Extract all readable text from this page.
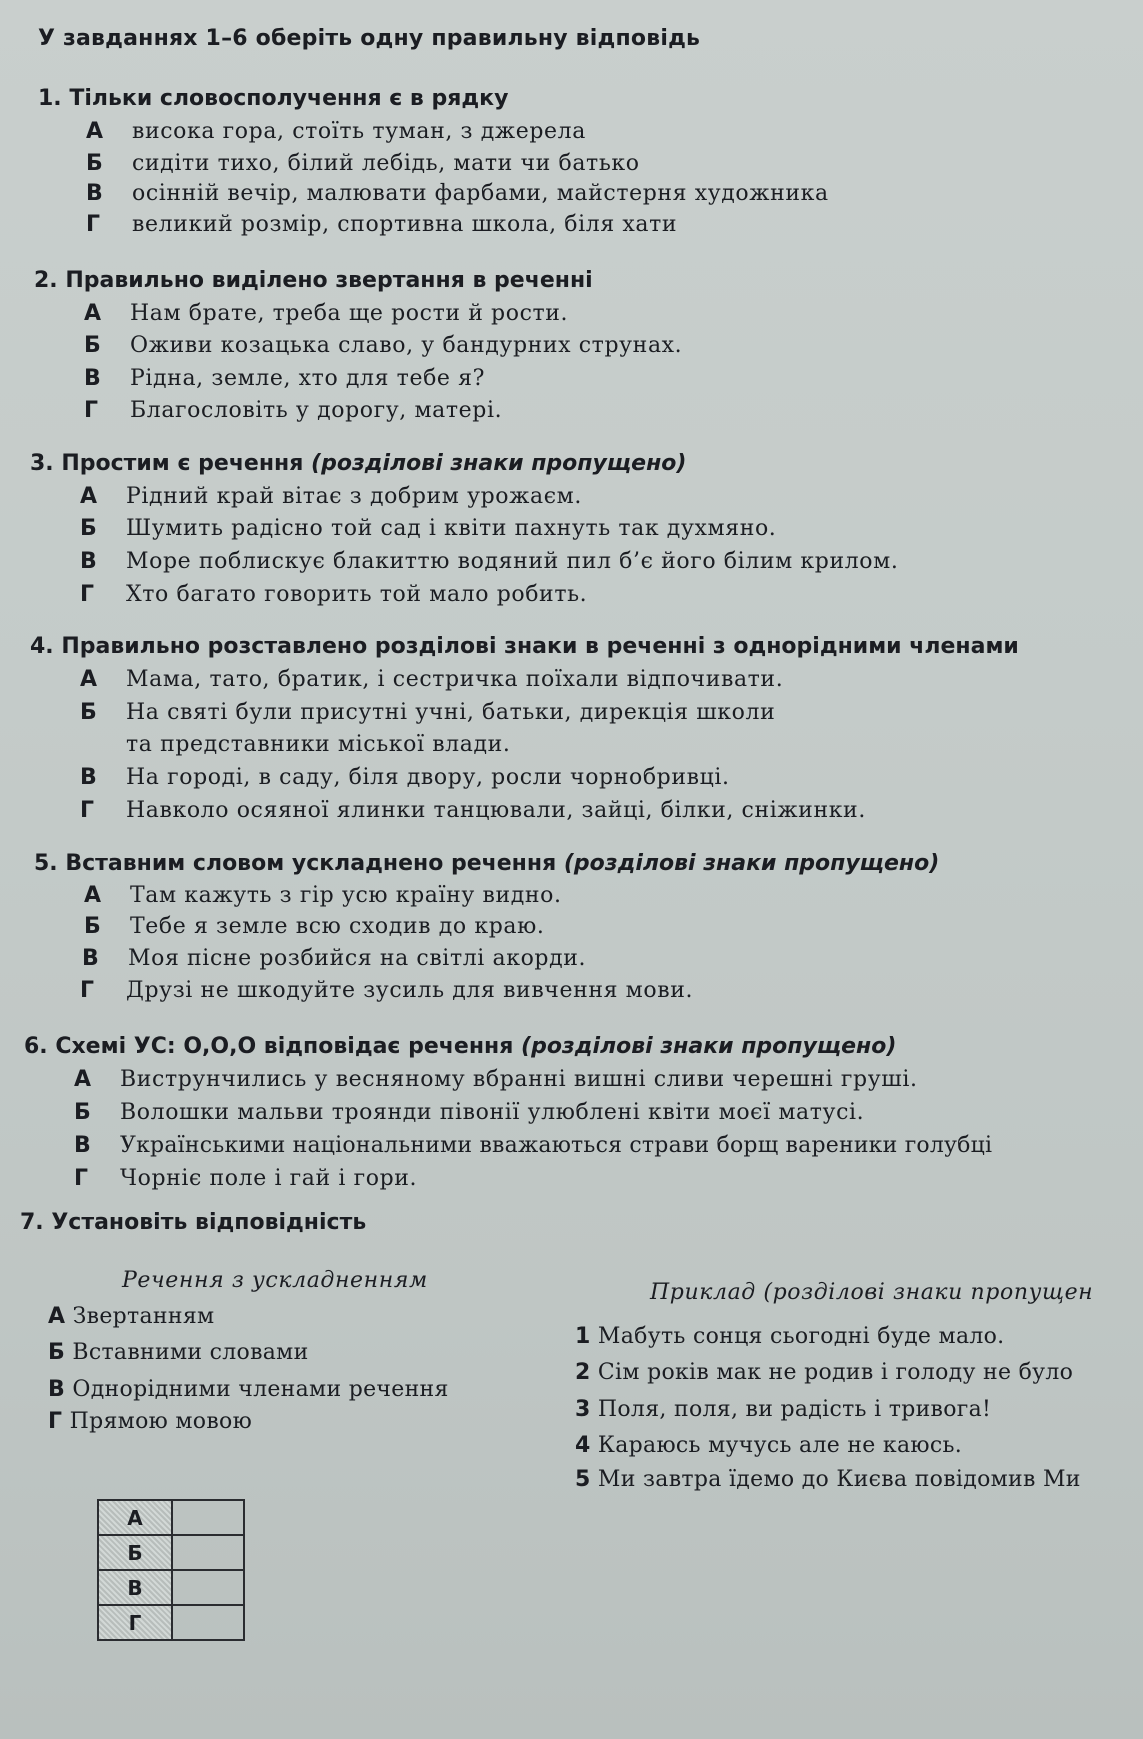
У завданнях 1–6 оберіть одну правильну відповідь
1. Тільки словосполучення є в рядку
А висока гора, стоїть туман, з джерела
Б сидіти тихо, білий лебідь, мати чи батько
В осінній вечір, малювати фарбами, майстерня художника
Г великий розмір, спортивна школа, біля хати
2. Правильно виділено звертання в реченні
А Нам брате, треба ще рости й рости.
Б Оживи козацька славо, у бандурних струнах.
В Рідна, земле, хто для тебе я?
Г Благословіть у дорогу, матері.
3. Простим є речення (розділові знаки пропущено)
А Рідний край вітає з добрим урожаєм.
Б Шумить радісно той сад і квіти пахнуть так духмяно.
В Море поблискує блакиттю водяний пил б’є його білим крилом.
Г Хто багато говорить той мало робить.
4. Правильно розставлено розділові знаки в реченні з однорідними членами
А Мама, тато, братик, і сестричка поїхали відпочивати.
Б На святі були присутні учні, батьки, дирекція школи
та представники міської влади.
В На городі, в саду, біля двору, росли чорнобривці.
Г Навколо осяяної ялинки танцювали, зайці, білки, сніжинки.
5. Вставним словом ускладнено речення (розділові знаки пропущено)
А Там кажуть з гір усю країну видно.
Б Тебе я земле всю сходив до краю.
В Моя пісне розбийся на світлі акорди.
Г Друзі не шкодуйте зусиль для вивчення мови.
6. Схемі УС: О,О,О відповідає речення (розділові знаки пропущено)
А Виструнчились у весняному вбранні вишні сливи черешні груші.
Б Волошки мальви троянди півонії улюблені квіти моєї матусі.
В Українськими національними вважаються страви борщ вареники голубці
Г Чорніє поле і гай і гори.
7. Установіть відповідність
Речення з ускладненням	Приклад (розділові знаки пропущен
А Звертанням
Б Вставними словами
В Однорідними членами речення
Г Прямою мовою
1 Мабуть сонця сьогодні буде мало.
2 Сім років мак не родив і голоду не було
3 Поля, поля, ви радість і тривога!
4 Караюсь мучусь але не каюсь.
5 Ми завтра їдемо до Києва повідомив Ми
А	
Б	
В	
Г	
